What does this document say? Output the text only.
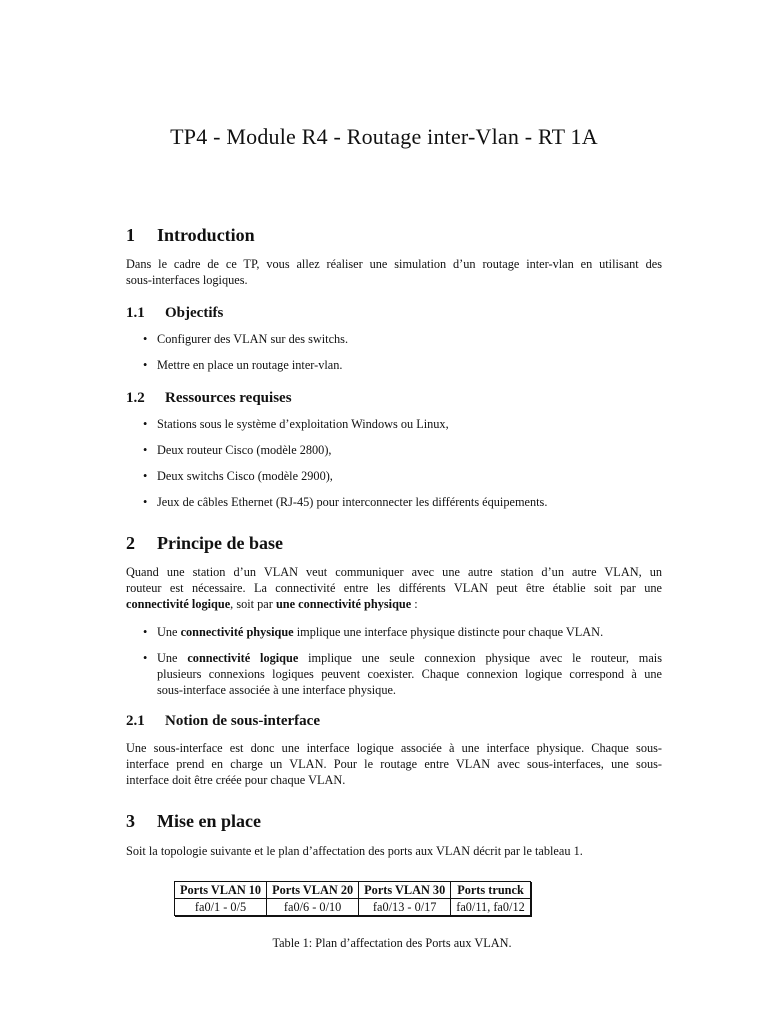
TP4 - Module R4 - Routage inter-Vlan - RT 1A
1 Introduction
Dans le cadre de ce TP, vous allez réaliser une simulation d’un routage inter-vlan en utilisant des
sous-interfaces logiques.
1.1 Objectifs
• Configurer des VLAN sur des switchs.
• Mettre en place un routage inter-vlan.
1.2 Ressources requises
• Stations sous le système d’exploitation Windows ou Linux,
• Deux routeur Cisco (modèle 2800),
• Deux switchs Cisco (modèle 2900),
• Jeux de câbles Ethernet (RJ-45) pour interconnecter les différents équipements.
2 Principe de base
Quand une station d’un VLAN veut communiquer avec une autre station d’un autre VLAN, un
routeur est nécessaire. La connectivité entre les différents VLAN peut être établie soit par une
connectivité logique, soit par une connectivité physique :
• Une connectivité physique implique une interface physique distincte pour chaque VLAN.
• Une connectivité logique implique une seule connexion physique avec le routeur, mais
plusieurs connexions logiques peuvent coexister. Chaque connexion logique correspond à une
sous-interface associée à une interface physique.
2.1 Notion de sous-interface
Une sous-interface est donc une interface logique associée à une interface physique. Chaque sous-
interface prend en charge un VLAN. Pour le routage entre VLAN avec sous-interfaces, une sous-
interface doit être créée pour chaque VLAN.
3 Mise en place
Soit la topologie suivante et le plan d’affectation des ports aux VLAN décrit par le tableau 1.
Ports VLAN 10	Ports VLAN 20	Ports VLAN 30	Ports trunck
fa0/1 - 0/5	fa0/6 - 0/10	fa0/13 - 0/17	fa0/11, fa0/12
Table 1: Plan d’affectation des Ports aux VLAN.
